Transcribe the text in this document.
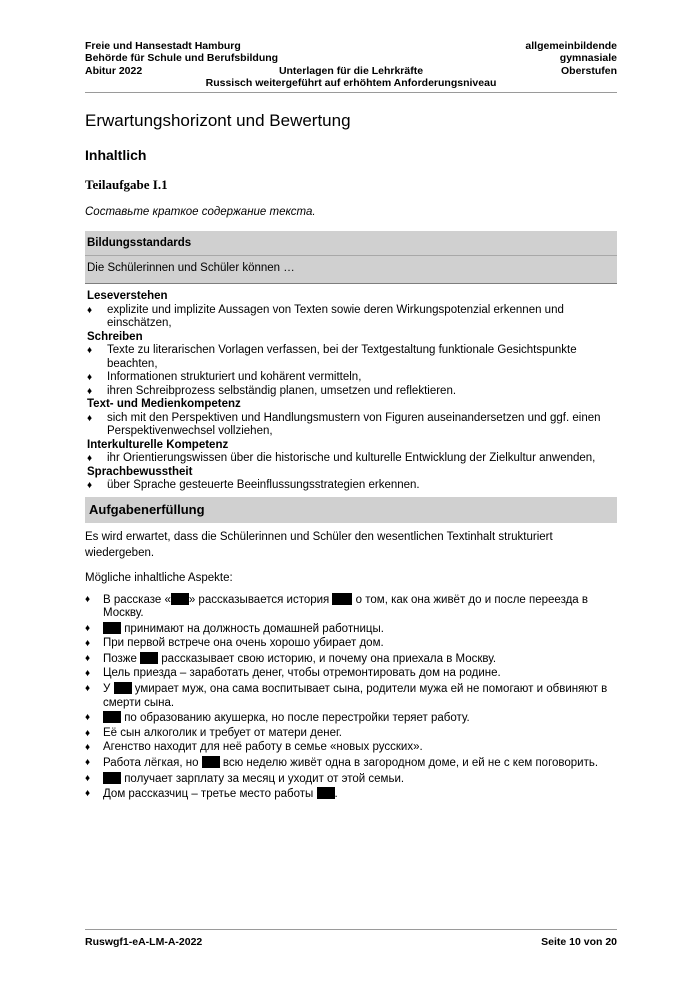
Freie und Hansestadt Hamburg
Behörde für Schule und Berufsbildung
Abitur 2022
allgemeinbildende
gymnasiale
Oberstufen
Unterlagen für die Lehrkräfte
Russisch weitergeführt auf erhöhtem Anforderungsniveau
Erwartungshorizont und Bewertung
Inhaltlich
Teilaufgabe I.1

Составьте краткое содержание текста.

Bildungsstandards
Die Schülerinnen und Schüler können …
Leseverstehen
♦ explizite und implizite Aussagen von Texten sowie deren Wirkungspotenzial erkennen und einschätzen,
Schreiben
♦ Texte zu literarischen Vorlagen verfassen, bei der Textgestaltung funktionale Gesichtspunkte beachten,
♦ Informationen strukturiert und kohärent vermitteln,
♦ ihren Schreibprozess selbständig planen, umsetzen und reflektieren.
Text- und Medienkompetenz
♦ sich mit den Perspektiven und Handlungsmustern von Figuren auseinandersetzen und ggf. einen Perspektivenwechsel vollziehen,
Interkulturelle Kompetenz
♦ ihr Orientierungswissen über die historische und kulturelle Entwicklung der Zielkultur anwenden,
Sprachbewusstheit
♦ über Sprache gesteuerte Beeinflussungsstrategien erkennen.
Aufgabenerfüllung

Es wird erwartet, dass die Schülerinnen und Schüler den wesentlichen Textinhalt strukturiert wiedergeben.

Mögliche inhaltliche Aspekte:

♦ В рассказе « » рассказывается история  о том, как она живёт до и после переезда в Москву.
♦	принимают на должность домашней работницы.
♦ При первой встрече она очень хорошо убирает дом.
♦ Позже  рассказывает свою историю, и почему она приехала в Москву.
♦ Цель приезда – заработать денег, чтобы отремонтировать дом на родине.
♦ У  умирает муж, она сама воспитывает сына, родители мужа ей не помогают и обвиняют в смерти сына.
♦	по образованию акушерка, но после перестройки теряет работу.
♦ Её сын алкоголик и требует от матери денег.
♦ Агенство находит для неё работу в семье «новых русских».
♦ Работа лёгкая, но  всю неделю живёт одна в загородном доме, и ей не с кем поговорить.
♦	получает зарплату за месяц и уходит от этой семьи.
♦ Дом рассказчиц – третье место работы .
Ruswgf1-eA-LM-A-2022	Seite 10 von 20
